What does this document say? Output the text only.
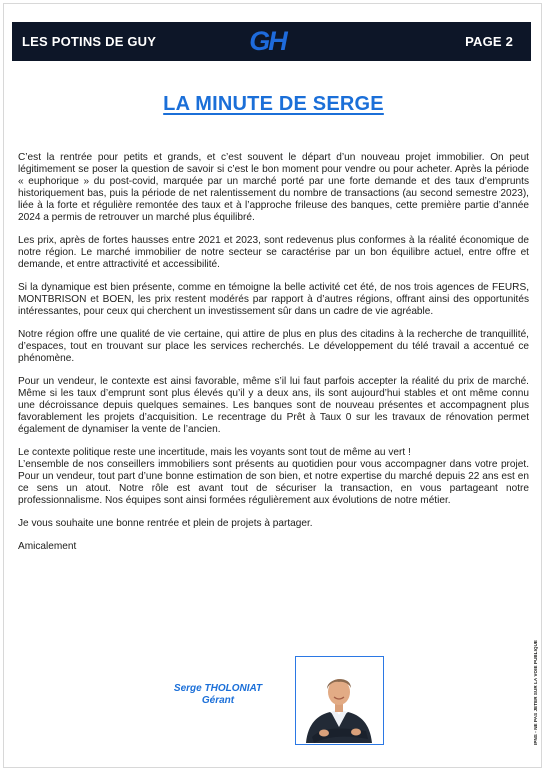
LES POTINS DE GUY	GH	PAGE 2
LA MINUTE DE SERGE

C’est la rentrée pour petits et grands, et c’est souvent le départ d’un nouveau projet immobilier. On peut légitimement se poser la question de savoir si c’est le bon moment pour vendre ou pour acheter. Après la période « euphorique » du post-covid, marquée par un marché porté par une forte demande et des taux d’emprunts historiquement bas, puis la période de net ralentissement du nombre de transactions (au second semestre 2023), liée à la forte et régulière remontée des taux et à l’approche frileuse des banques, cette première partie d’année 2024 a permis de retrouver un marché plus équilibré.

Les prix, après de fortes hausses entre 2021 et 2023, sont redevenus plus conformes à la réalité économique de notre région. Le marché immobilier de notre secteur se caractérise par un bon équilibre actuel, entre offre et demande, et entre attractivité et accessibilité.

Si la dynamique est bien présente, comme en témoigne la belle activité cet été, de nos trois agences de FEURS, MONTBRISON et BOEN, les prix restent modérés par rapport à d’autres régions, offrant ainsi des opportunités intéressantes, pour ceux qui cherchent un investissement sûr dans un cadre de vie agréable.

Notre région offre une qualité de vie certaine, qui attire de plus en plus des citadins à la recherche de tranquillité, d’espaces, tout en trouvant sur place les services recherchés. Le développement du télé travail a accentué ce phénomène.

Pour un vendeur, le contexte est ainsi favorable, même s’il lui faut parfois accepter la réalité du prix de marché. Même si les taux d’emprunt sont plus élevés qu’il y a deux ans, ils sont aujourd’hui stables et ont même connu une décroissance depuis quelques semaines. Les banques sont de nouveau présentes et accompagnent plus favorablement les projets d’acquisition. Le recentrage du Prêt à Taux 0 sur les travaux de rénovation permet également de dynamiser la vente de l’ancien.

Le contexte politique reste une incertitude, mais les voyants sont tout de même au vert !

L’ensemble de nos conseillers immobiliers sont présents au quotidien pour vous accompagner dans votre projet. Pour un vendeur, tout part d’une bonne estimation de son bien, et notre expertise du marché depuis 22 ans est en ce sens un atout. Notre rôle est avant tout de sécuriser la transaction, en vous partageant notre professionnalisme. Nos équipes sont ainsi formées régulièrement aux évolutions de notre métier.

Je vous souhaite une bonne rentrée et plein de projets à partager.

Amicalement

Serge THOLONIAT
Gérant	IPNS - NE PAS JETER SUR LA VOIE PUBLIQUE
